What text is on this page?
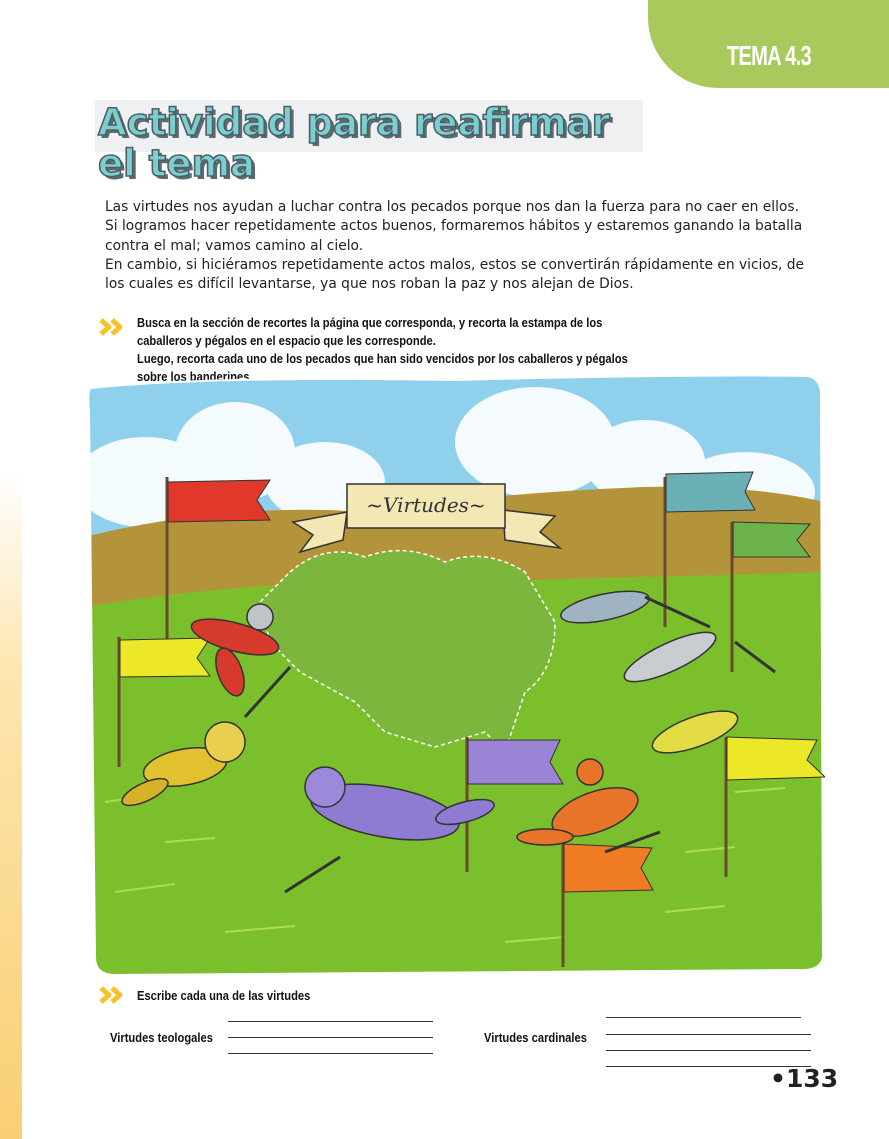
TEMA 4.3
Actividad para reafirmar
el tema

Las virtudes nos ayudan a luchar contra los pecados porque nos dan la fuerza para no caer en ellos. Si logramos hacer repetidamente actos buenos, formaremos hábitos y estaremos ganando la batalla contra el mal; vamos camino al cielo.

En cambio, si hiciéramos repetidamente actos malos, estos se convertirán rápidamente en vicios, de los cuales es difícil levantarse, ya que nos roban la paz y nos alejan de Dios.

Busca en la sección de recortes la página que corresponda, y recorta la estampa de los caballeros y pégalos en el espacio que les corresponde.

Luego, recorta cada uno de los pecados que han sido vencidos por los caballeros y pégalos sobre los banderines.

~Virtudes~
Escribe cada una de las virtudes
Virtudes teologales	Virtudes cardinales
•133
